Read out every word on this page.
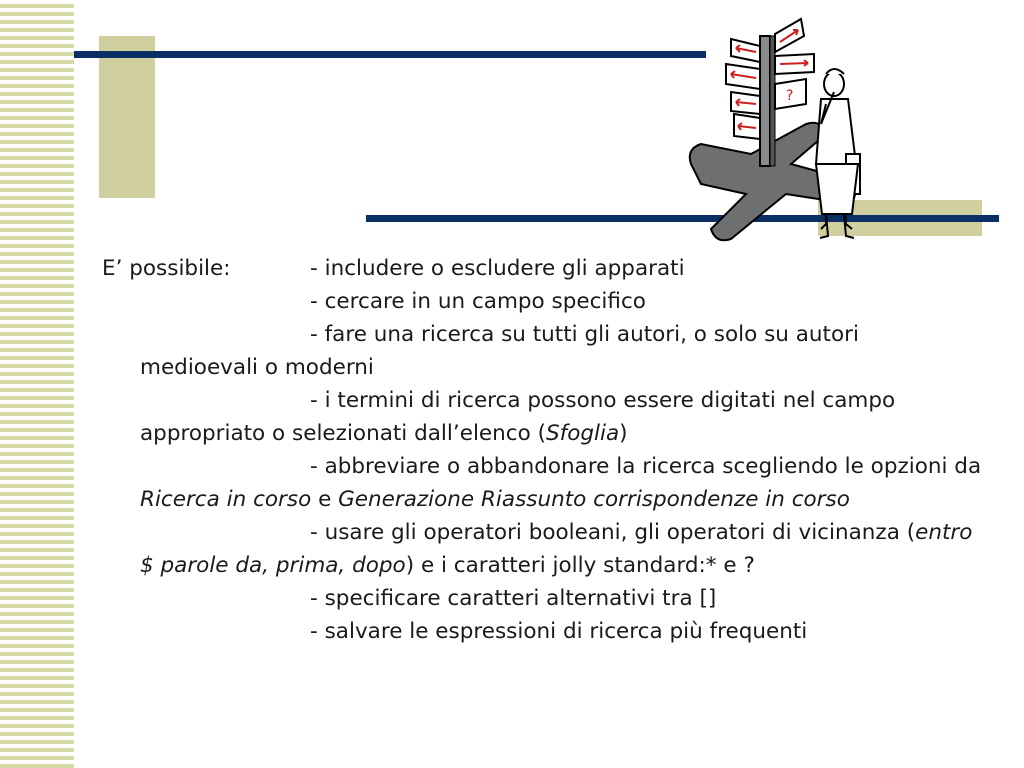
?
E’ possibile:	- includere o escludere gli apparati
- cercare in un campo specifico
- fare una ricerca su tutti gli autori, o solo su autori medioevali o moderni
- i termini di ricerca possono essere digitati nel campo appropriato o selezionati dall’elenco (Sfoglia)
- abbreviare o abbandonare la ricerca scegliendo le opzioni da Ricerca in corso e Generazione Riassunto corrispondenze in corso
- usare gli operatori booleani, gli operatori di vicinanza (entro $ parole da, prima, dopo) e i caratteri jolly standard:* e ?
- specificare caratteri alternativi tra []
- salvare le espressioni di ricerca più frequenti
